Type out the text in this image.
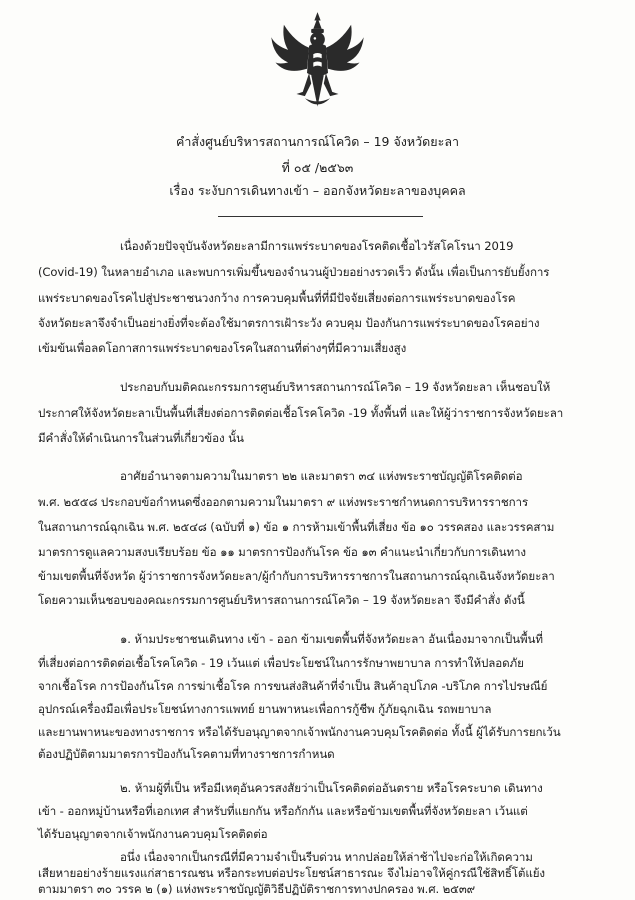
คำสั่งศูนย์บริหารสถานการณ์โควิด – 19 จังหวัดยะลา
ที่ ๐๕ /๒๕๖๓
เรื่อง ระงับการเดินทางเข้า – ออกจังหวัดยะลาของบุคคล
เนื่องด้วยปัจจุบันจังหวัดยะลามีการแพร่ระบาดของโรคติดเชื้อไวรัสโคโรนา 2019
(Covid-19) ในหลายอำเภอ และพบการเพิ่มขึ้นของจำนวนผู้ป่วยอย่างรวดเร็ว ดังนั้น เพื่อเป็นการยับยั้งการ
แพร่ระบาดของโรคไปสู่ประชาชนวงกว้าง การควบคุมพื้นที่ที่มีปัจจัยเสี่ยงต่อการแพร่ระบาดของโรค
จังหวัดยะลาจึงจำเป็นอย่างยิ่งที่จะต้องใช้มาตรการเฝ้าระวัง ควบคุม ป้องกันการแพร่ระบาดของโรคอย่าง
เข้มข้นเพื่อลดโอกาสการแพร่ระบาดของโรคในสถานที่ต่างๆที่มีความเสี่ยงสูง
ประกอบกับมติคณะกรรมการศูนย์บริหารสถานการณ์โควิด – 19 จังหวัดยะลา เห็นชอบให้
ประกาศให้จังหวัดยะลาเป็นพื้นที่เสี่ยงต่อการติดต่อเชื้อโรคโควิด -19 ทั้งพื้นที่ และให้ผู้ว่าราชการจังหวัดยะลา
มีคำสั่งให้ดำเนินการในส่วนที่เกี่ยวข้อง นั้น
อาศัยอำนาจตามความในมาตรา ๒๒ และมาตรา ๓๔ แห่งพระราชบัญญัติโรคติดต่อ
พ.ศ. ๒๕๕๘ ประกอบข้อกำหนดซึ่งออกตามความในมาตรา ๙ แห่งพระราชกำหนดการบริหารราชการ
ในสถานการณ์ฉุกเฉิน พ.ศ. ๒๕๔๘ (ฉบับที่ ๑) ข้อ ๑ การห้ามเข้าพื้นที่เสี่ยง ข้อ ๑๐ วรรคสอง และวรรคสาม
มาตรการดูแลความสงบเรียบร้อย ข้อ ๑๑ มาตรการป้องกันโรค ข้อ ๑๓ คำแนะนำเกี่ยวกับการเดินทาง
ข้ามเขตพื้นที่จังหวัด ผู้ว่าราชการจังหวัดยะลา/ผู้กำกับการบริหารราชการในสถานการณ์ฉุกเฉินจังหวัดยะลา
โดยความเห็นชอบของคณะกรรมการศูนย์บริหารสถานการณ์โควิด – 19 จังหวัดยะลา จึงมีคำสั่ง ดังนี้
๑. ห้ามประชาชนเดินทาง เข้า - ออก ข้ามเขตพื้นที่จังหวัดยะลา อันเนื่องมาจากเป็นพื้นที่
ที่เสี่ยงต่อการติดต่อเชื้อโรคโควิด - 19 เว้นแต่ เพื่อประโยชน์ในการรักษาพยาบาล การทำให้ปลอดภัย
จากเชื้อโรค การป้องกันโรค การฆ่าเชื้อโรค การขนส่งสินค้าที่จำเป็น สินค้าอุปโภค -บริโภค การไปรษณีย์
อุปกรณ์เครื่องมือเพื่อประโยชน์ทางการแพทย์ ยานพาหนะเพื่อการกู้ชีพ กู้ภัยฉุกเฉิน รถพยาบาล
และยานพาหนะของทางราชการ หรือได้รับอนุญาตจากเจ้าพนักงานควบคุมโรคติดต่อ ทั้งนี้ ผู้ได้รับการยกเว้น
ต้องปฏิบัติตามมาตรการป้องกันโรคตามที่ทางราชการกำหนด
๒. ห้ามผู้ที่เป็น หรือมีเหตุอันควรสงสัยว่าเป็นโรคติดต่ออันตราย หรือโรคระบาด เดินทาง
เข้า - ออกหมู่บ้านหรือที่เอกเทศ สำหรับที่แยกกัน หรือกักกัน และหรือข้ามเขตพื้นที่จังหวัดยะลา เว้นแต่
ได้รับอนุญาตจากเจ้าพนักงานควบคุมโรคติดต่อ
อนึ่ง เนื่องจากเป็นกรณีที่มีความจำเป็นรีบด่วน หากปล่อยให้ล่าช้าไปจะก่อให้เกิดความ
เสียหายอย่างร้ายแรงแก่สาธารณชน หรือกระทบต่อประโยชน์สาธารณะ จึงไม่อาจให้คู่กรณีใช้สิทธิ์โต้แย้ง
ตามมาตรา ๓๐ วรรค ๒ (๑) แห่งพระราชบัญญัติวิธีปฏิบัติราชการทางปกครอง พ.ศ. ๒๕๓๙
